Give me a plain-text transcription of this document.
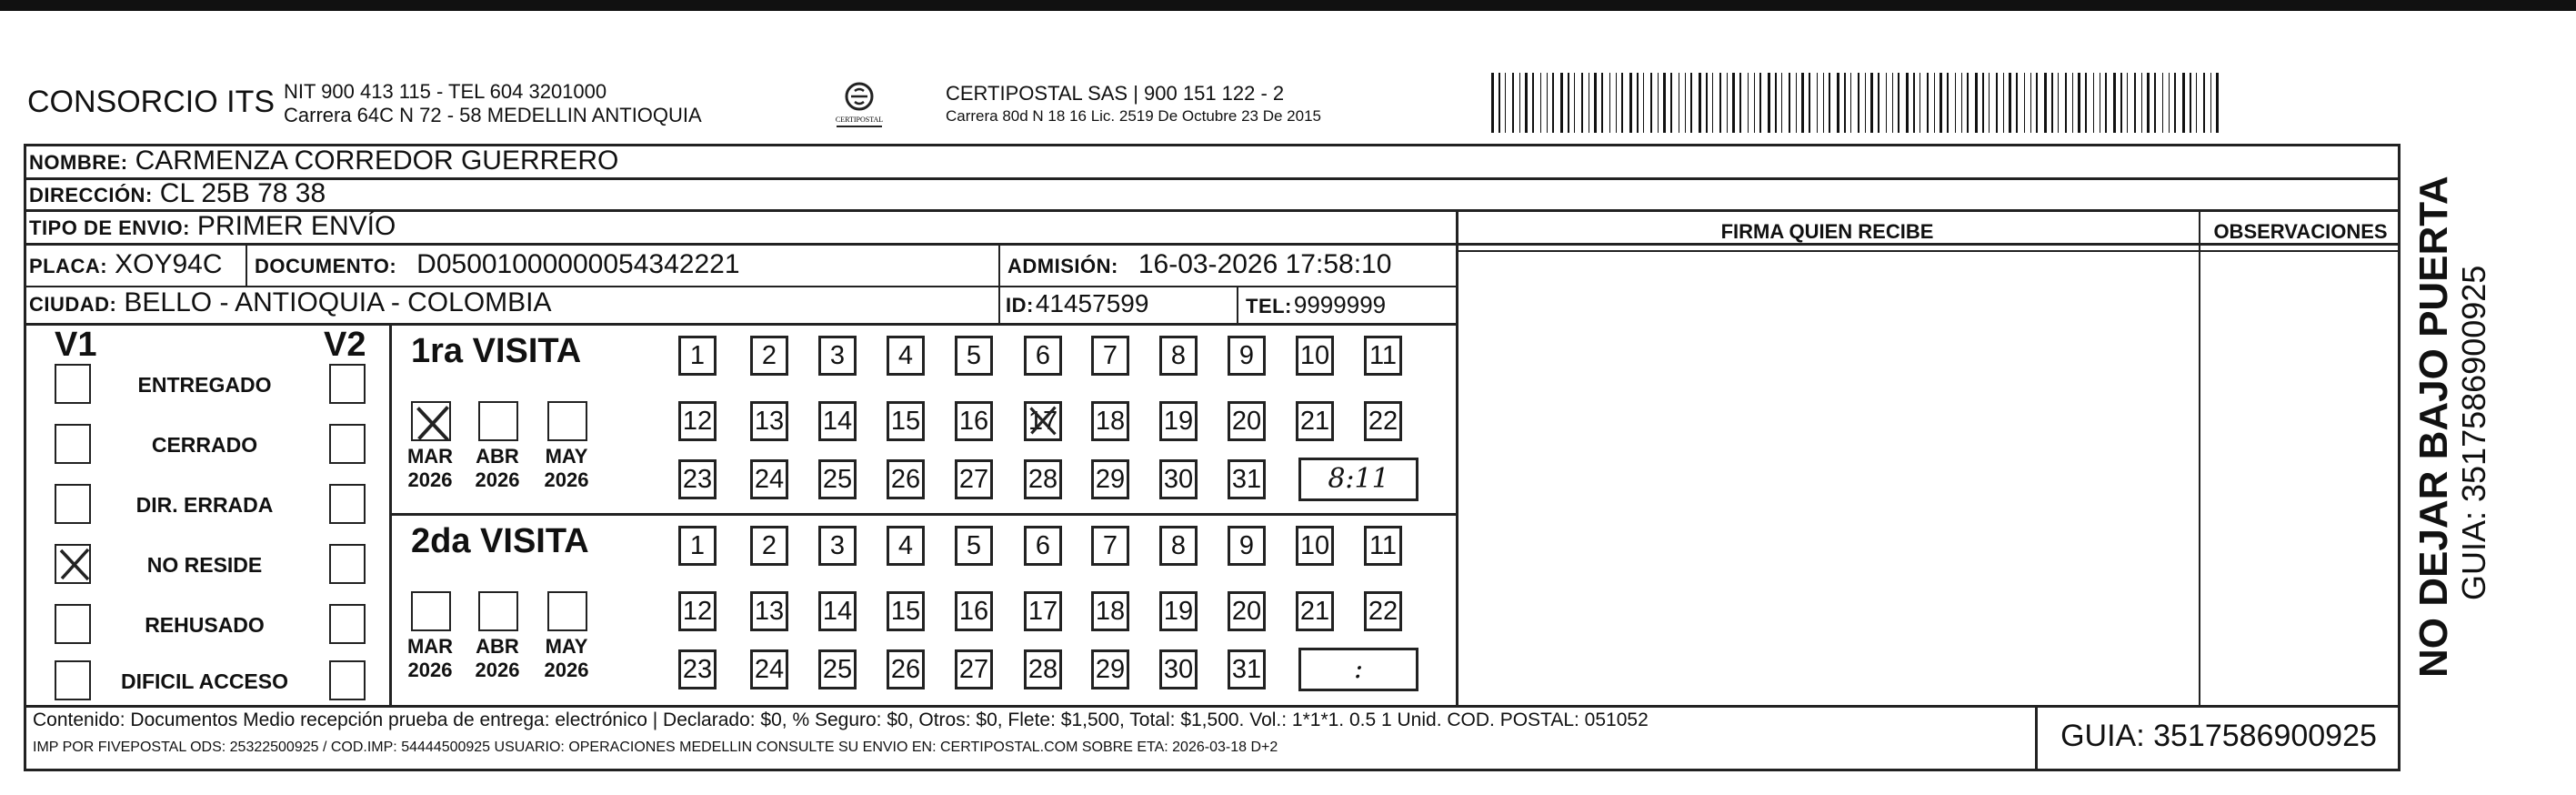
CONSORCIO ITS NIT 900 413 115 - TEL 604 3201000
Carrera 64C N 72 - 58 MEDELLIN ANTIOQUIA	CERTIPOSTAL
CERTIPOSTAL SAS | 900 151 122 - 2
Carrera 80d N 18 16 Lic. 2519 De Octubre 23 De 2015
NOMBRE: CARMENZA CORREDOR GUERRERO
DIRECCIÓN: CL 25B 78 38
TIPO DE ENVIO: PRIMER ENVÍO
PLACA: XOY94C DOCUMENTO: D05001000000054342221	ADMISIÓN: 16-03-2026 17:58:10
CIUDAD: BELLO - ANTIOQUIA - COLOMBIA	ID: 41457599	TEL: 9999999
FIRMA QUIEN RECIBE	OBSERVACIONES
V1	V2
ENTREGADO
CERRADO
DIR. ERRADA
NO RESIDE
REHUSADO
DIFICIL ACCESO
1ra VISITA
MAR
2026
ABR
2026
MAY
2026
1	2	3	4	5	6	7	8	9	10 11
12 13 14 15 16 17 18 19 20 21 22
23 24 25 26 27 28 29 30 31	8:11
2da VISITA
MAR
2026
ABR
2026
MAY
2026
1	2	3	4	5	6	7	8	9	10 11
12 13 14 15 16 17 18 19 20 21 22
23 24 25 26 27 28 29 30 31	:
Contenido: Documentos Medio recepción prueba de entrega: electrónico | Declarado: $0, % Seguro: $0, Otros: $0, Flete: $1,500, Total: $1,500. Vol.: 1*1*1. 0.5 1 Unid. COD. POSTAL: 051052
IMP POR FIVEPOSTAL ODS: 25322500925 / COD.IMP: 54444500925 USUARIO: OPERACIONES MEDELLIN CONSULTE SU ENVIO EN: CERTIPOSTAL.COM SOBRE ETA: 2026-03-18 D+2	GUIA: 3517586900925
NO DEJAR BAJO PUERTA GUIA: 3517586900925
